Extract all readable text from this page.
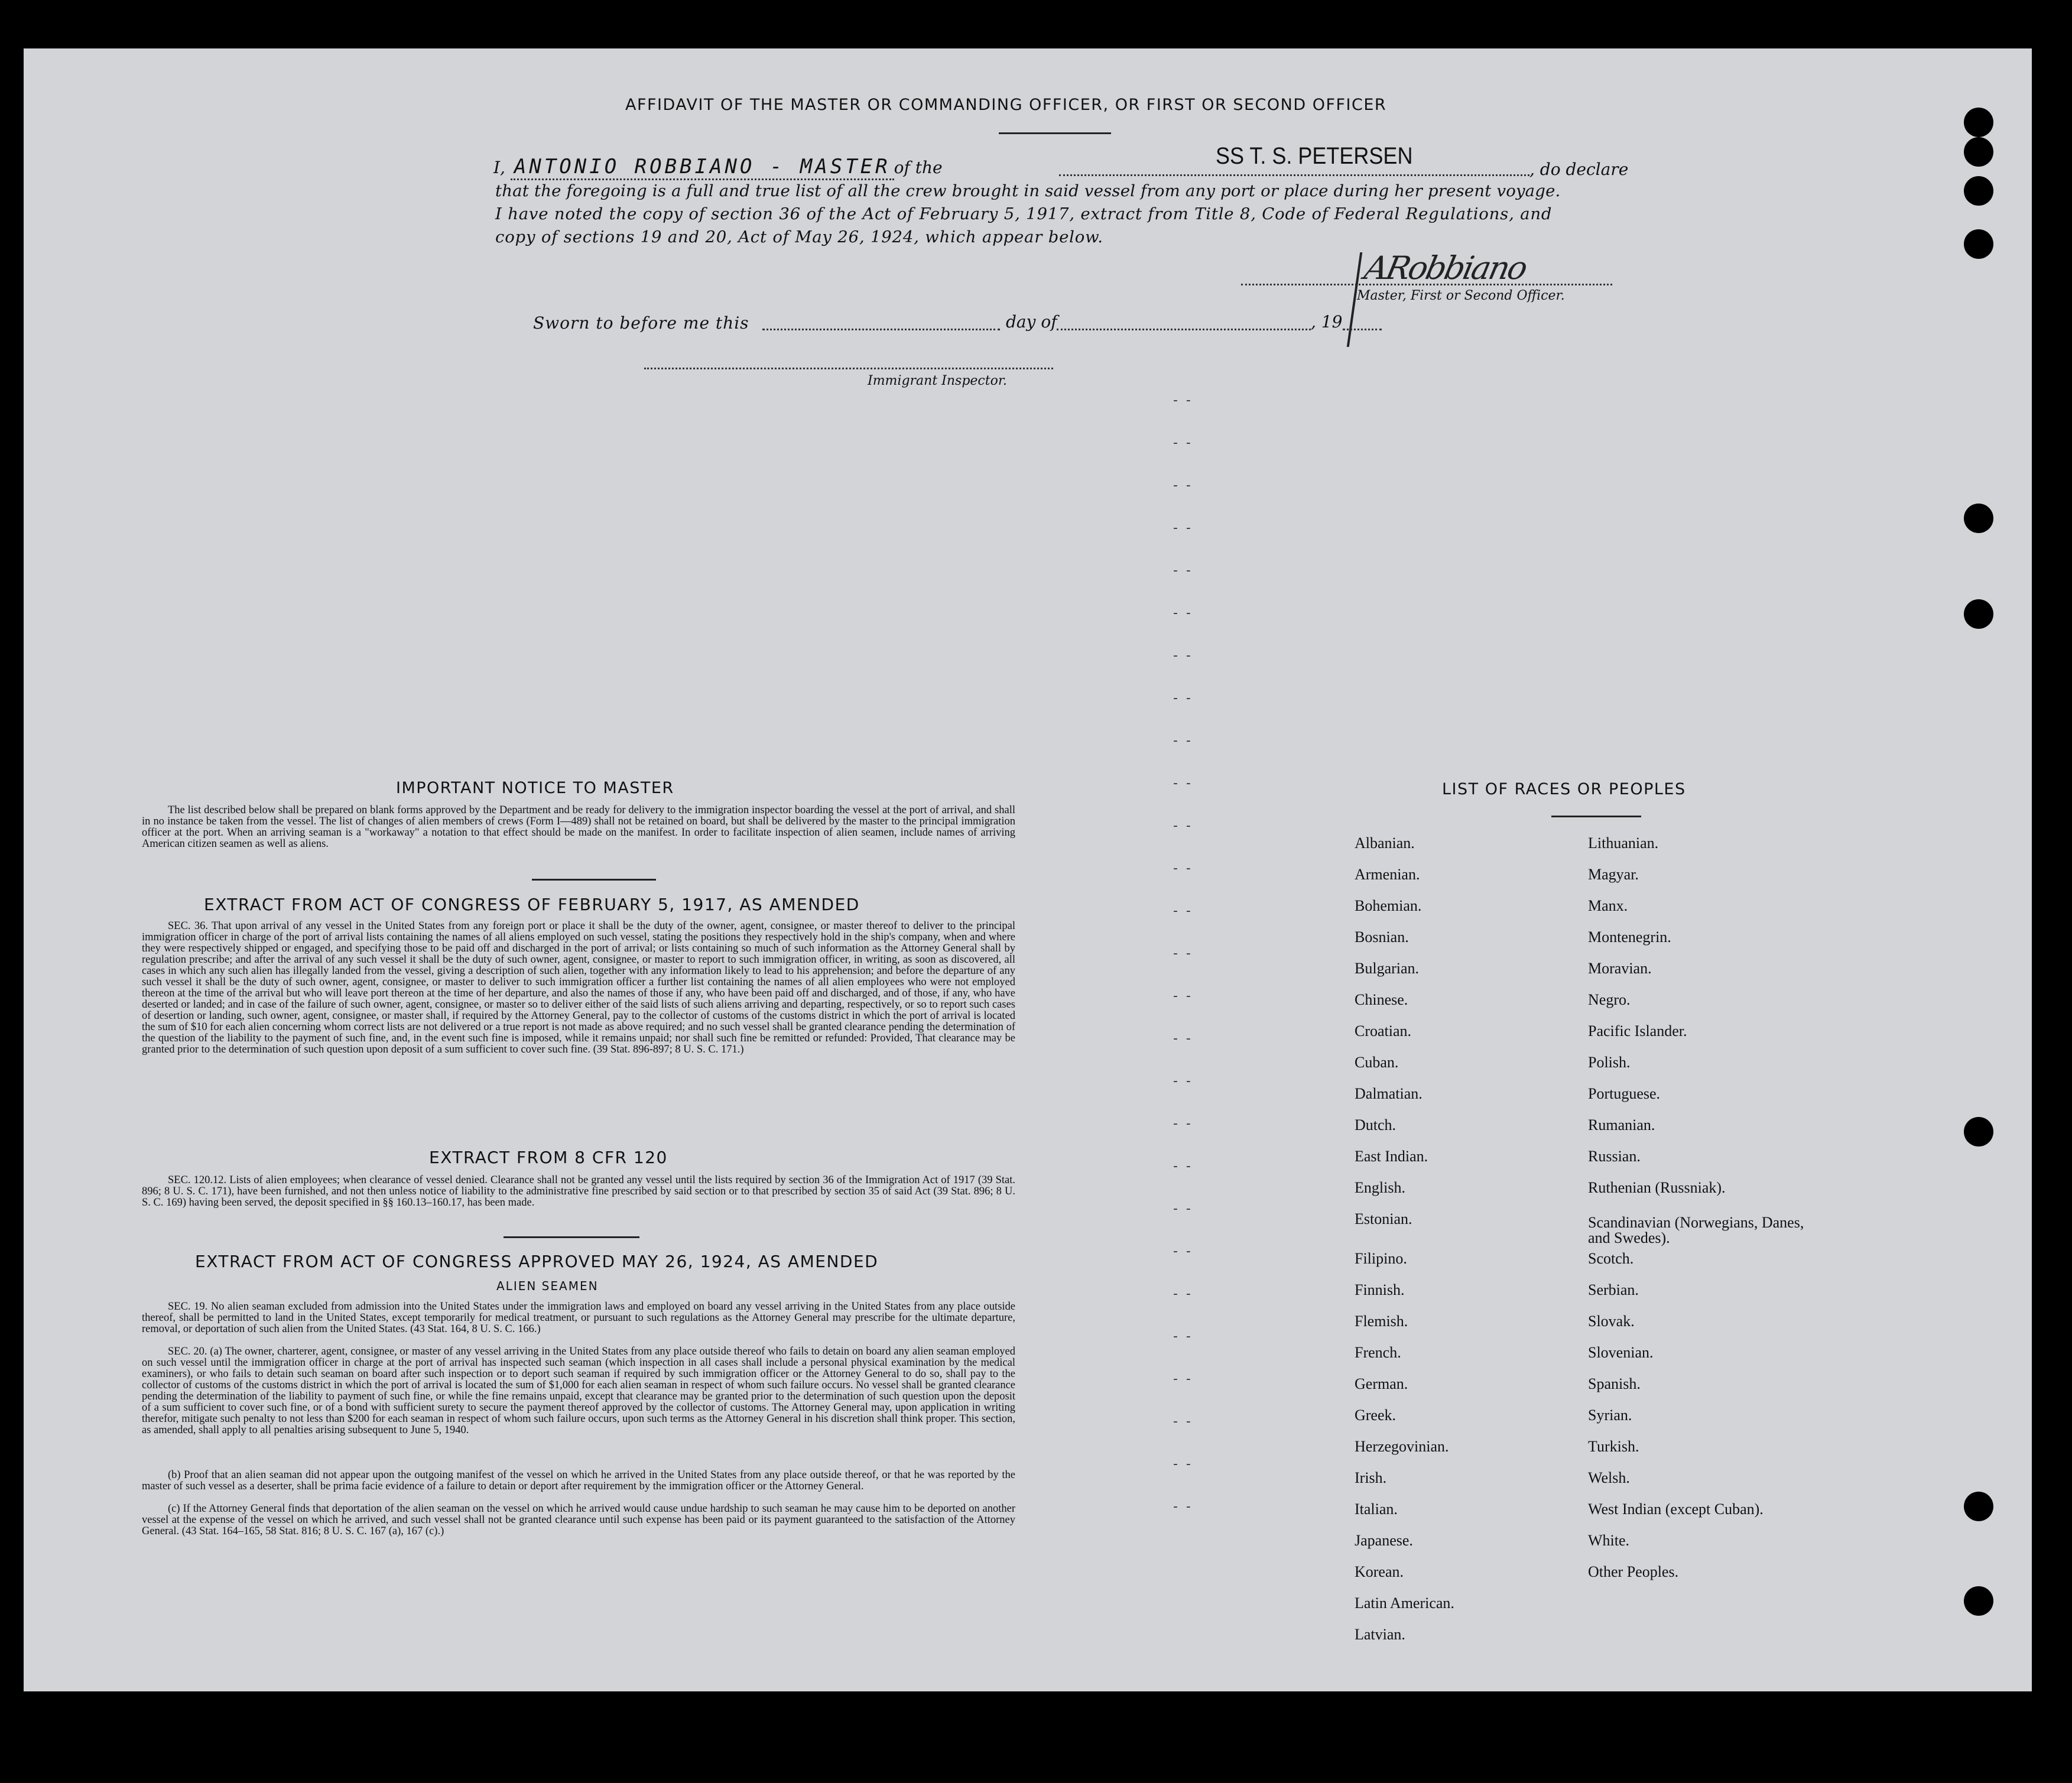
AFFIDAVIT OF THE MASTER OR COMMANDING OFFICER, OR FIRST OR SECOND OFFICER
I, ANTONIO ROBBIANO - MASTER of the	SS T. S. PETERSEN
, do declare
that the foregoing is a full and true list of all the crew brought in said vessel from any port or place during her present voyage.
I have noted the copy of section 36 of the Act of February 5, 1917, extract from Title 8, Code of Federal Regulations, and
copy of sections 19 and 20, Act of May 26, 1924, which appear below.
ARobbiano
Master, First or Second Officer.
Sworn to before me this	day of	, 19
Immigrant Inspector.
-  -
-  -
-  -
-  -
-  -
-  -
-  -
-  -
-  -
-  -
-  -
-  -
-  -
-  -
-  -
-  -
-  -
-  -
-  -
-  -
-  -
-  -
-  -
-  -
-  -
-  -
-  -
IMPORTANT NOTICE TO MASTER
The list described below shall be prepared on blank forms approved by the Department and be ready for delivery to the immigration inspector boarding the vessel at the port of arrival, and shall in no instance be taken from the vessel. The list of changes of alien members of crews (Form I—489) shall not be retained on board, but shall be delivered by the master to the principal immigration officer at the port. When an arriving seaman is a "workaway" a notation to that effect should be made on the manifest. In order to facilitate inspection of alien seamen, include names of arriving American citizen seamen as well as aliens.
EXTRACT FROM ACT OF CONGRESS OF FEBRUARY 5, 1917, AS AMENDED
SEC. 36. That upon arrival of any vessel in the United States from any foreign port or place it shall be the duty of the owner, agent, consignee, or master thereof to deliver to the principal immigration officer in charge of the port of arrival lists containing the names of all aliens employed on such vessel, stating the positions they respectively hold in the ship's company, when and where they were respectively shipped or engaged, and specifying those to be paid off and discharged in the port of arrival; or lists containing so much of such information as the Attorney General shall by regulation prescribe; and after the arrival of any such vessel it shall be the duty of such owner, agent, consignee, or master to report to such immigration officer, in writing, as soon as discovered, all cases in which any such alien has illegally landed from the vessel, giving a description of such alien, together with any information likely to lead to his apprehension; and before the departure of any such vessel it shall be the duty of such owner, agent, consignee, or master to deliver to such immigration officer a further list containing the names of all alien employees who were not employed thereon at the time of the arrival but who will leave port thereon at the time of her departure, and also the names of those if any, who have been paid off and discharged, and of those, if any, who have deserted or landed; and in case of the failure of such owner, agent, consignee, or master so to deliver either of the said lists of such aliens arriving and departing, respectively, or so to report such cases of desertion or landing, such owner, agent, consignee, or master shall, if required by the Attorney General, pay to the collector of customs of the customs district in which the port of arrival is located the sum of $10 for each alien concerning whom correct lists are not delivered or a true report is not made as above required; and no such vessel shall be granted clearance pending the determination of the question of the liability to the payment of such fine, and, in the event such fine is imposed, while it remains unpaid; nor shall such fine be remitted or refunded: Provided, That clearance may be granted prior to the determination of such question upon deposit of a sum sufficient to cover such fine. (39 Stat. 896-897; 8 U. S. C. 171.)
EXTRACT FROM 8 CFR 120
SEC. 120.12. Lists of alien employees; when clearance of vessel denied. Clearance shall not be granted any vessel until the lists required by section 36 of the Immigration Act of 1917 (39 Stat. 896; 8 U. S. C. 171), have been furnished, and not then unless notice of liability to the administrative fine prescribed by said section or to that prescribed by section 35 of said Act (39 Stat. 896; 8 U. S. C. 169) having been served, the deposit specified in §§ 160.13–160.17, has been made.
EXTRACT FROM ACT OF CONGRESS APPROVED MAY 26, 1924, AS AMENDED
ALIEN SEAMEN
SEC. 19. No alien seaman excluded from admission into the United States under the immigration laws and employed on board any vessel arriving in the United States from any place outside thereof, shall be permitted to land in the United States, except temporarily for medical treatment, or pursuant to such regulations as the Attorney General may prescribe for the ultimate departure, removal, or deportation of such alien from the United States. (43 Stat. 164, 8 U. S. C. 166.)
SEC. 20. (a) The owner, charterer, agent, consignee, or master of any vessel arriving in the United States from any place outside thereof who fails to detain on board any alien seaman employed on such vessel until the immigration officer in charge at the port of arrival has inspected such seaman (which inspection in all cases shall include a personal physical examination by the medical examiners), or who fails to detain such seaman on board after such inspection or to deport such seaman if required by such immigration officer or the Attorney General to do so, shall pay to the collector of customs of the customs district in which the port of arrival is located the sum of $1,000 for each alien seaman in respect of whom such failure occurs. No vessel shall be granted clearance pending the determination of the liability to payment of such fine, or while the fine remains unpaid, except that clearance may be granted prior to the determination of such question upon the deposit of a sum sufficient to cover such fine, or of a bond with sufficient surety to secure the payment thereof approved by the collector of customs. The Attorney General may, upon application in writing therefor, mitigate such penalty to not less than $200 for each seaman in respect of whom such failure occurs, upon such terms as the Attorney General in his discretion shall think proper. This section, as amended, shall apply to all penalties arising subsequent to June 5, 1940.
(b) Proof that an alien seaman did not appear upon the outgoing manifest of the vessel on which he arrived in the United States from any place outside thereof, or that he was reported by the master of such vessel as a deserter, shall be prima facie evidence of a failure to detain or deport after requirement by the immigration officer or the Attorney General.
(c) If the Attorney General finds that deportation of the alien seaman on the vessel on which he arrived would cause undue hardship to such seaman he may cause him to be deported on another vessel at the expense of the vessel on which he arrived, and such vessel shall not be granted clearance until such expense has been paid or its payment guaranteed to the satisfaction of the Attorney General. (43 Stat. 164–165, 58 Stat. 816; 8 U. S. C. 167 (a), 167 (c).)
LIST OF RACES OR PEOPLES
Albanian.
Armenian.
Bohemian.
Bosnian.
Bulgarian.
Chinese.
Croatian.
Cuban.
Dalmatian.
Dutch.
East Indian.
English.
Estonian.
Filipino.
Finnish.
Flemish.
French.
German.
Greek.
Herzegovinian.
Irish.
Italian.
Japanese.
Korean.
Latin American.
Latvian.
Lithuanian.
Magyar.
Manx.
Montenegrin.
Moravian.
Negro.
Pacific Islander.
Polish.
Portuguese.
Rumanian.
Russian.
Ruthenian (Russniak).
Scandinavian (Norwegians, Danes, and Swedes).
Scotch.
Serbian.
Slovak.
Slovenian.
Spanish.
Syrian.
Turkish.
Welsh.
West Indian (except Cuban).
White.
Other Peoples.
